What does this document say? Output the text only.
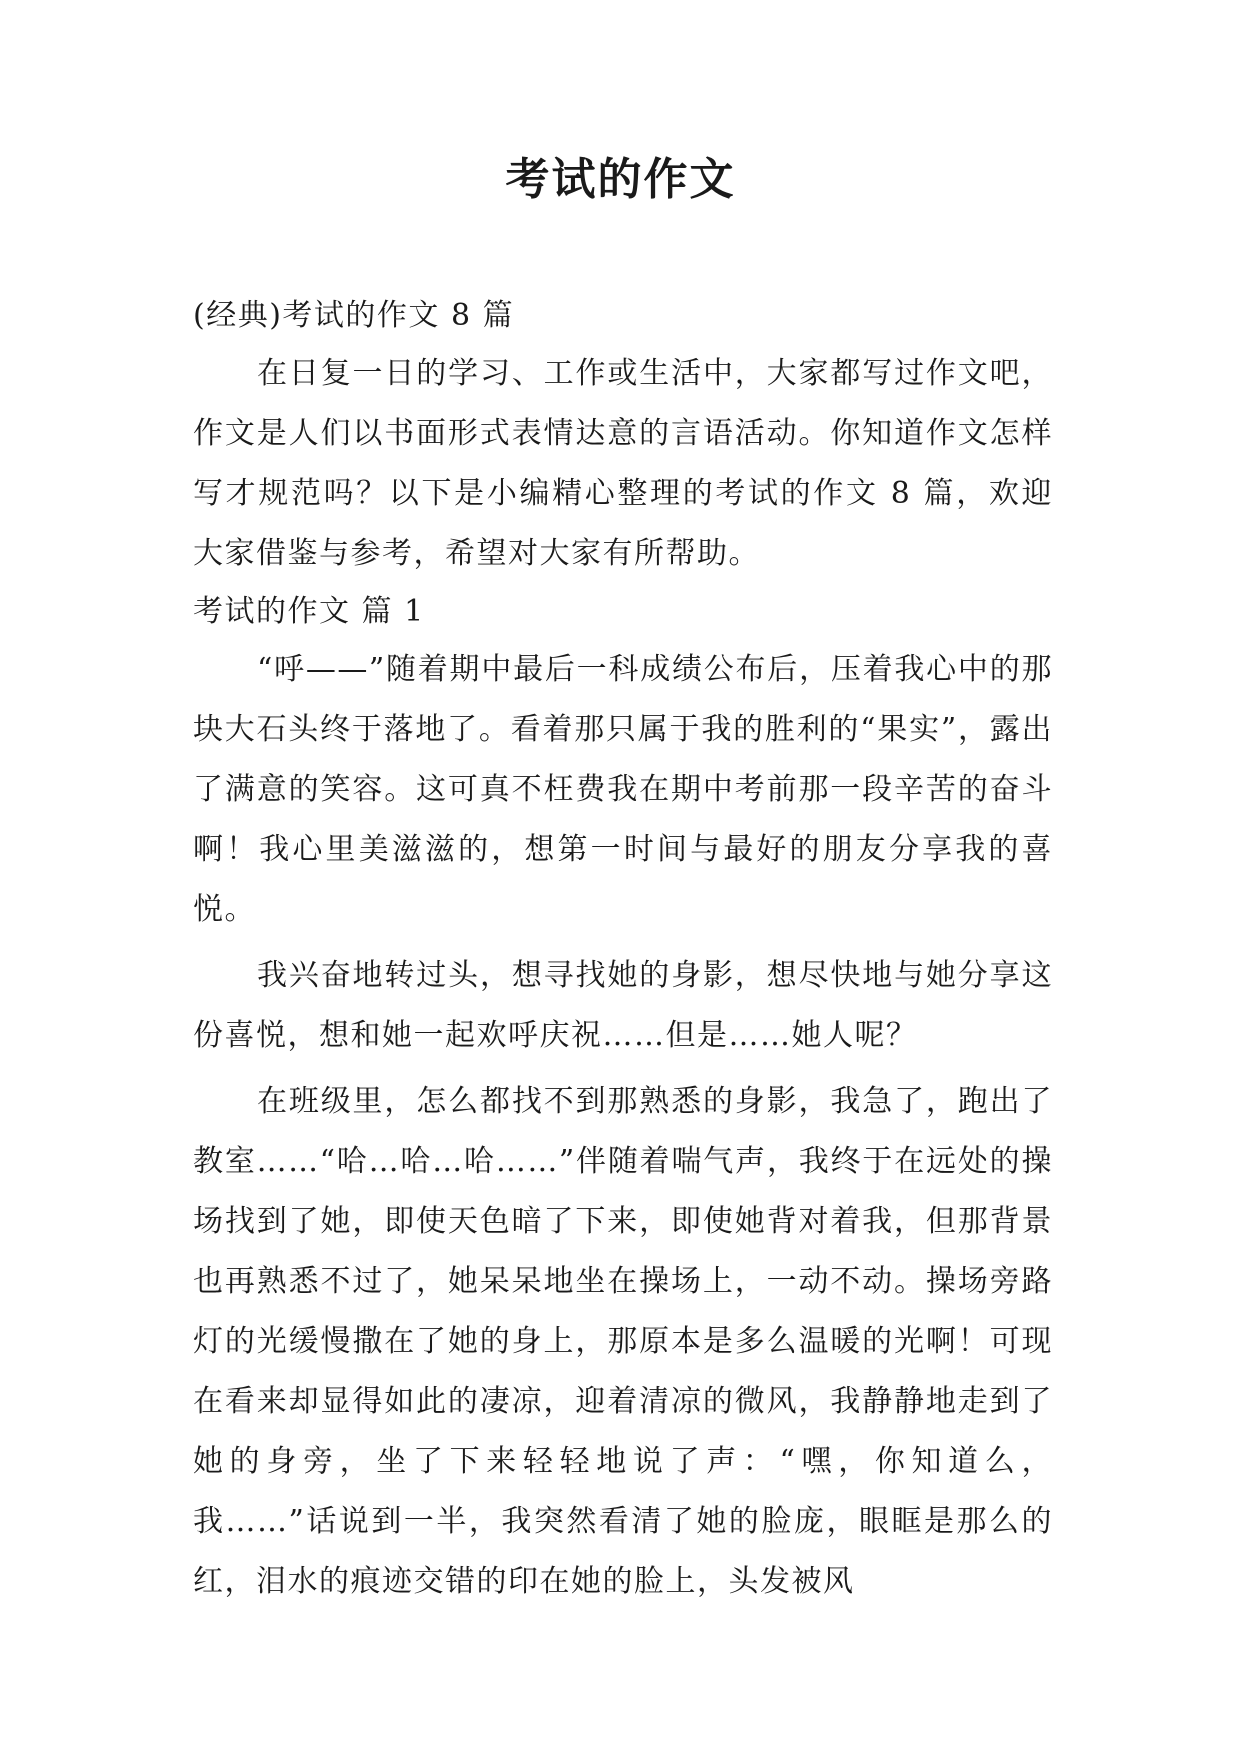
考试的作文

(经典)考试的作文 8 篇

在日复一日的学习、工作或生活中，大家都写过作文吧，作文是人们以书面形式表情达意的言语活动。你知道作文怎样写才规范吗？以下是小编精心整理的考试的作文 8 篇，欢迎大家借鉴与参考，希望对大家有所帮助。

考试的作文 篇 1

“呼——”随着期中最后一科成绩公布后，压着我心中的那块大石头终于落地了。看着那只属于我的胜利的“果实”，露出了满意的笑容。这可真不枉费我在期中考前那一段辛苦的奋斗啊！我心里美滋滋的，想第一时间与最好的朋友分享我的喜悦。

我兴奋地转过头，想寻找她的身影，想尽快地与她分享这份喜悦，想和她一起欢呼庆祝……但是……她人呢？

在班级里，怎么都找不到那熟悉的身影，我急了，跑出了教室……“哈…哈…哈……”伴随着喘气声，我终于在远处的操场找到了她，即使天色暗了下来，即使她背对着我，但那背景也再熟悉不过了，她呆呆地坐在操场上，一动不动。操场旁路灯的光缓慢撒在了她的身上，那原本是多么温暖的光啊！可现在看来却显得如此的凄凉，迎着清凉的微风，我静静地走到了她的身旁，坐了下来轻轻地说了声：“嘿，你知道么，我……”话说到一半，我突然看清了她的脸庞，眼眶是那么的红，泪水的痕迹交错的印在她的脸上，头发被风
